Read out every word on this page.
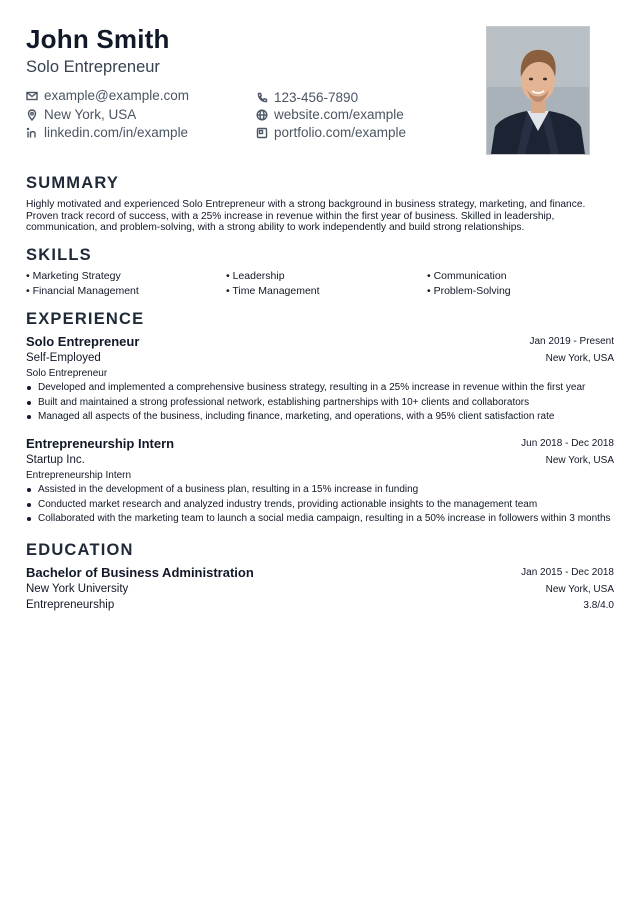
John Smith
Solo Entrepreneur
example@example.com	123-456-7890
New York, USA	website.com/example
linkedin.com/in/example	portfolio.com/example
SUMMARY
Highly motivated and experienced Solo Entrepreneur with a strong background in business strategy, marketing, and finance. Proven track record of success, with a 25% increase in revenue within the first year of business. Skilled in leadership, communication, and problem-solving, with a strong ability to work independently and build strong relationships.
SKILLS
• Marketing Strategy	• Leadership	• Communication
• Financial Management	• Time Management	• Problem-Solving
EXPERIENCE
Solo Entrepreneur	Jan 2019 - Present
Self-Employed	New York, USA
Solo Entrepreneur
Developed and implemented a comprehensive business strategy, resulting in a 25% increase in revenue within the first year
Built and maintained a strong professional network, establishing partnerships with 10+ clients and collaborators
Managed all aspects of the business, including finance, marketing, and operations, with a 95% client satisfaction rate
Entrepreneurship Intern	Jun 2018 - Dec 2018
Startup Inc.	New York, USA
Entrepreneurship Intern
Assisted in the development of a business plan, resulting in a 15% increase in funding
Conducted market research and analyzed industry trends, providing actionable insights to the management team
Collaborated with the marketing team to launch a social media campaign, resulting in a 50% increase in followers within 3 months
EDUCATION
Bachelor of Business Administration	Jan 2015 - Dec 2018
New York University	New York, USA
Entrepreneurship	3.8/4.0
